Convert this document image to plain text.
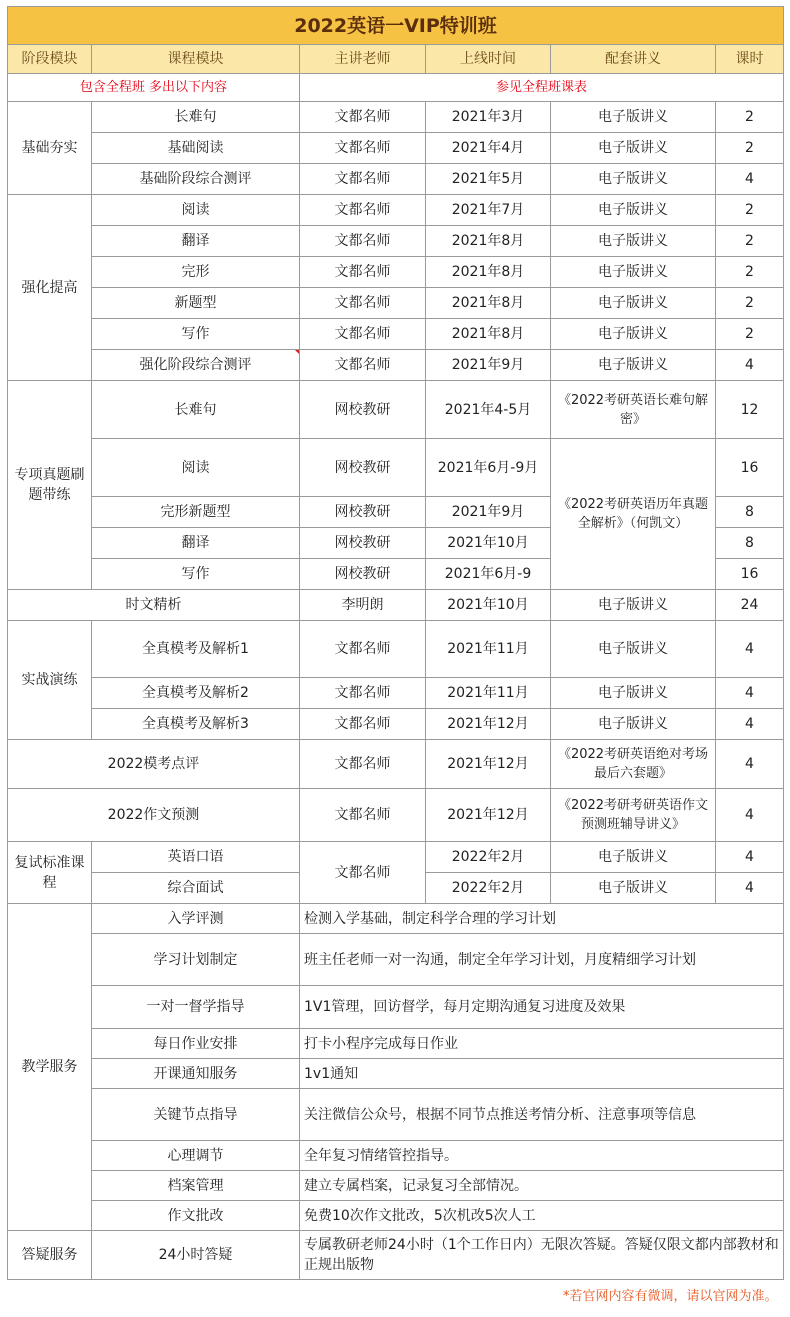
2022英语一VIP特训班					
阶段模块	课程模块	主讲老师	上线时间	配套讲义	课时
包含全程班 多出以下内容		参见全程班课表			
基础夯实	长难句	文都名师	2021年3月	电子版讲义	2
	基础阅读	文都名师	2021年4月	电子版讲义	2
	基础阶段综合测评	文都名师	2021年5月	电子版讲义	4
强化提高	阅读	文都名师	2021年7月	电子版讲义	2
	翻译	文都名师	2021年8月	电子版讲义	2
	完形	文都名师	2021年8月	电子版讲义	2
	新题型	文都名师	2021年8月	电子版讲义	2
	写作	文都名师	2021年8月	电子版讲义	2
	强化阶段综合测评	文都名师	2021年9月	电子版讲义	4
专项真题刷题带练	长难句	网校教研	2021年4-5月	《2022考研英语长难句解密》	12
	阅读	网校教研	2021年6月-9月	《2022考研英语历年真题全解析》（何凯文）	16
	完形新题型	网校教研	2021年9月		8
	翻译	网校教研	2021年10月		8
	写作	网校教研	2021年6月-9		16
时文精析		李明朗	2021年10月	电子版讲义	24
实战演练	全真模考及解析1	文都名师	2021年11月	电子版讲义	4
	全真模考及解析2	文都名师	2021年11月	电子版讲义	4
	全真模考及解析3	文都名师	2021年12月	电子版讲义	4
2022模考点评		文都名师	2021年12月	《2022考研英语绝对考场最后六套题》	4
2022作文预测		文都名师	2021年12月	《2022考研考研英语作文预测班辅导讲义》	4
复试标准课程	英语口语	文都名师	2022年2月	电子版讲义	4
	综合面试		2022年2月	电子版讲义	4
教学服务	入学评测	检测入学基础，制定科学合理的学习计划			
	学习计划制定	班主任老师一对一沟通，制定全年学习计划，月度精细学习计划			
	一对一督学指导	1V1管理，回访督学，每月定期沟通复习进度及效果			
	每日作业安排	打卡小程序完成每日作业			
	开课通知服务	1v1通知			
	关键节点指导	关注微信公众号，根据不同节点推送考情分析、注意事项等信息			
	心理调节	全年复习情绪管控指导。			
	档案管理	建立专属档案，记录复习全部情况。			
	作文批改	免费10次作文批改，5次机改5次人工			
答疑服务	24小时答疑	专属教研老师24小时（1个工作日内）无限次答疑。答疑仅限文都内部教材和正规出版物			
*若官网内容有微调，请以官网为准。					
